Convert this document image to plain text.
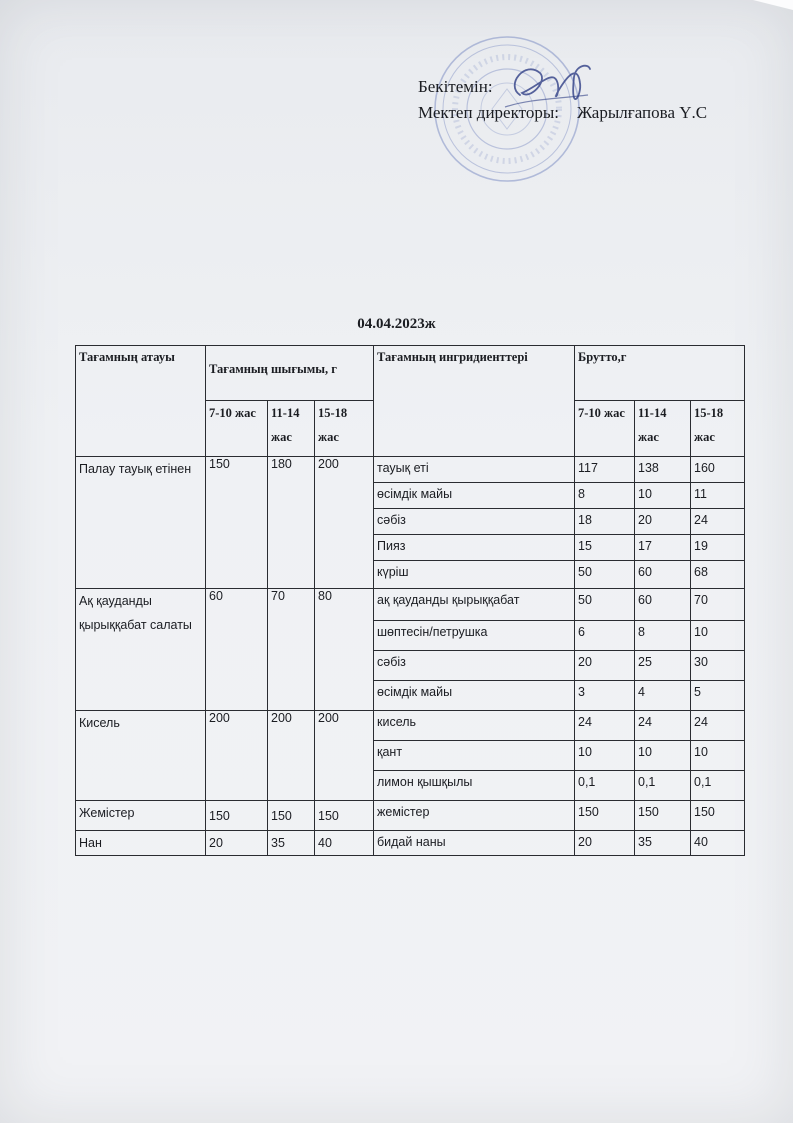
Бекітемін:
Мектеп директоры: Жарылғапова Ү.С
04.04.2023ж
Тағамның атауы	Тағамның шығымы, г			Тағамның ингридиенттері	Брутто,г		
	7-10 жас	11-14 жас	15-18 жас		7-10 жас	11-14 жас	15-18 жас
Палау тауық етінен	150	180	200	тауық еті	117	138	160
				өсімдік майы	8	10	11
				сәбіз	18	20	24
				Пияз	15	17	19
				күріш	50	60	68
Ақ қауданды қырыққабат салаты	60	70	80	ақ қауданды қырыққабат	50	60	70
				шөптесін/петрушка	6	8	10
				сәбіз	20	25	30
				өсімдік майы	3	4	5
Кисель	200	200	200	кисель	24	24	24
				қант	10	10	10
				лимон қышқылы	0,1	0,1	0,1
Жемістер	150	150	150	жемістер	150	150	150
Нан	20	35	40	бидай наны	20	35	40
